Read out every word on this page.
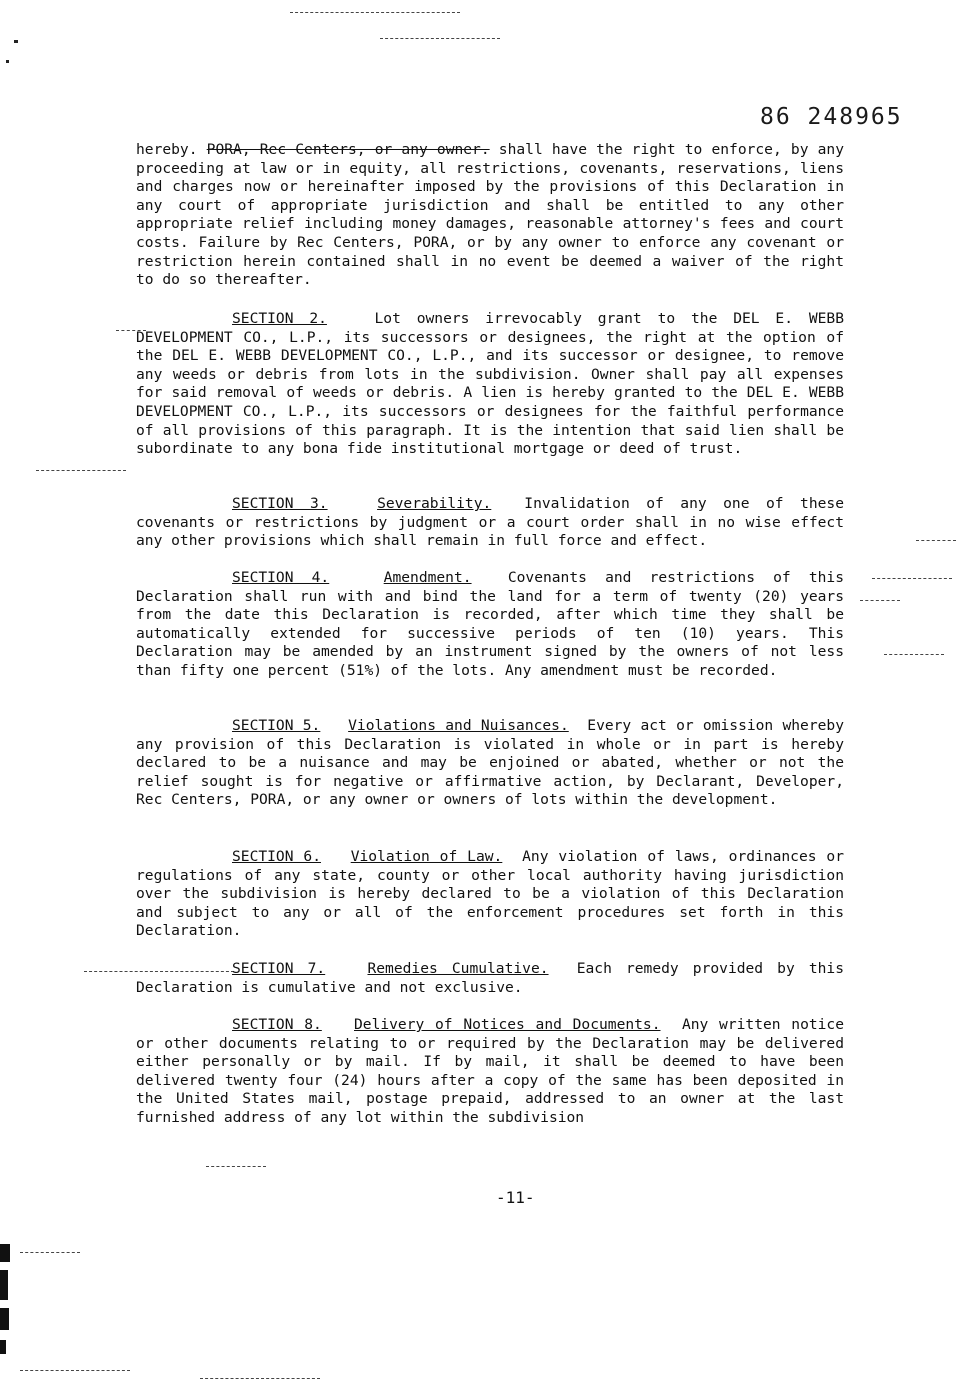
86 248965

hereby. PORA, Rec Centers, or any owner. shall have the right to enforce, by any proceeding at law or in equity, all restrictions, covenants, reservations, liens and charges now or hereinafter imposed by the provisions of this Declaration in any court of appropriate jurisdiction and shall be entitled to any other appropriate relief including money damages, reasonable attorney's fees and court costs. Failure by Rec Centers, PORA, or by any owner to enforce any covenant or restriction herein contained shall in no event be deemed a waiver of the right to do so thereafter.

SECTION 2.	Lot owners irrevocably grant to the DEL E. WEBB DEVELOPMENT CO., L.P., its successors or designees, the right at the option of the DEL E. WEBB DEVELOPMENT CO., L.P., and its successor or designee, to remove any weeds or debris from lots in the subdivision. Owner shall pay all expenses for said removal of weeds or debris. A lien is hereby granted to the DEL E. WEBB DEVELOPMENT CO., L.P., its successors or designees for the faithful performance of all provisions of this paragraph. It is the intention that said lien shall be subordinate to any bona fide institutional mortgage or deed of trust.

SECTION 3.	Severability. Invalidation of any one of these covenants or restrictions by judgment or a court order shall in no wise effect any other provisions which shall remain in full force and effect.

SECTION 4.	Amendment. Covenants and restrictions of this Declaration shall run with and bind the land for a term of twenty (20) years from the date this Declaration is recorded, after which time they shall be automatically extended for successive periods of ten (10) years. This Declaration may be amended by an instrument signed by the owners of not less than fifty one percent (51%) of the lots. Any amendment must be recorded.

SECTION 5. Violations and Nuisances. Every act or omission whereby any provision of this Declaration is violated in whole or in part is hereby declared to be a nuisance and may be enjoined or abated, whether or not the relief sought is for negative or affirmative action, by Declarant, Developer, Rec Centers, PORA, or any owner or owners of lots within the development.

SECTION 6. Violation of Law. Any violation of laws, ordinances or regulations of any state, county or other local authority having jurisdiction over the subdivision is hereby declared to be a violation of this Declaration and subject to any or all of the enforcement procedures set forth in this Declaration.

SECTION 7.	Remedies Cumulative. Each remedy provided by this Declaration is cumulative and not exclusive.

SECTION 8. Delivery of Notices and Documents. Any written notice or other documents relating to or required by the Declaration may be delivered either personally or by mail. If by mail, it shall be deemed to have been delivered twenty four (24) hours after a copy of the same has been deposited in the United States mail, postage prepaid, addressed to an owner at the last furnished address of any lot within the subdivision

-11-
